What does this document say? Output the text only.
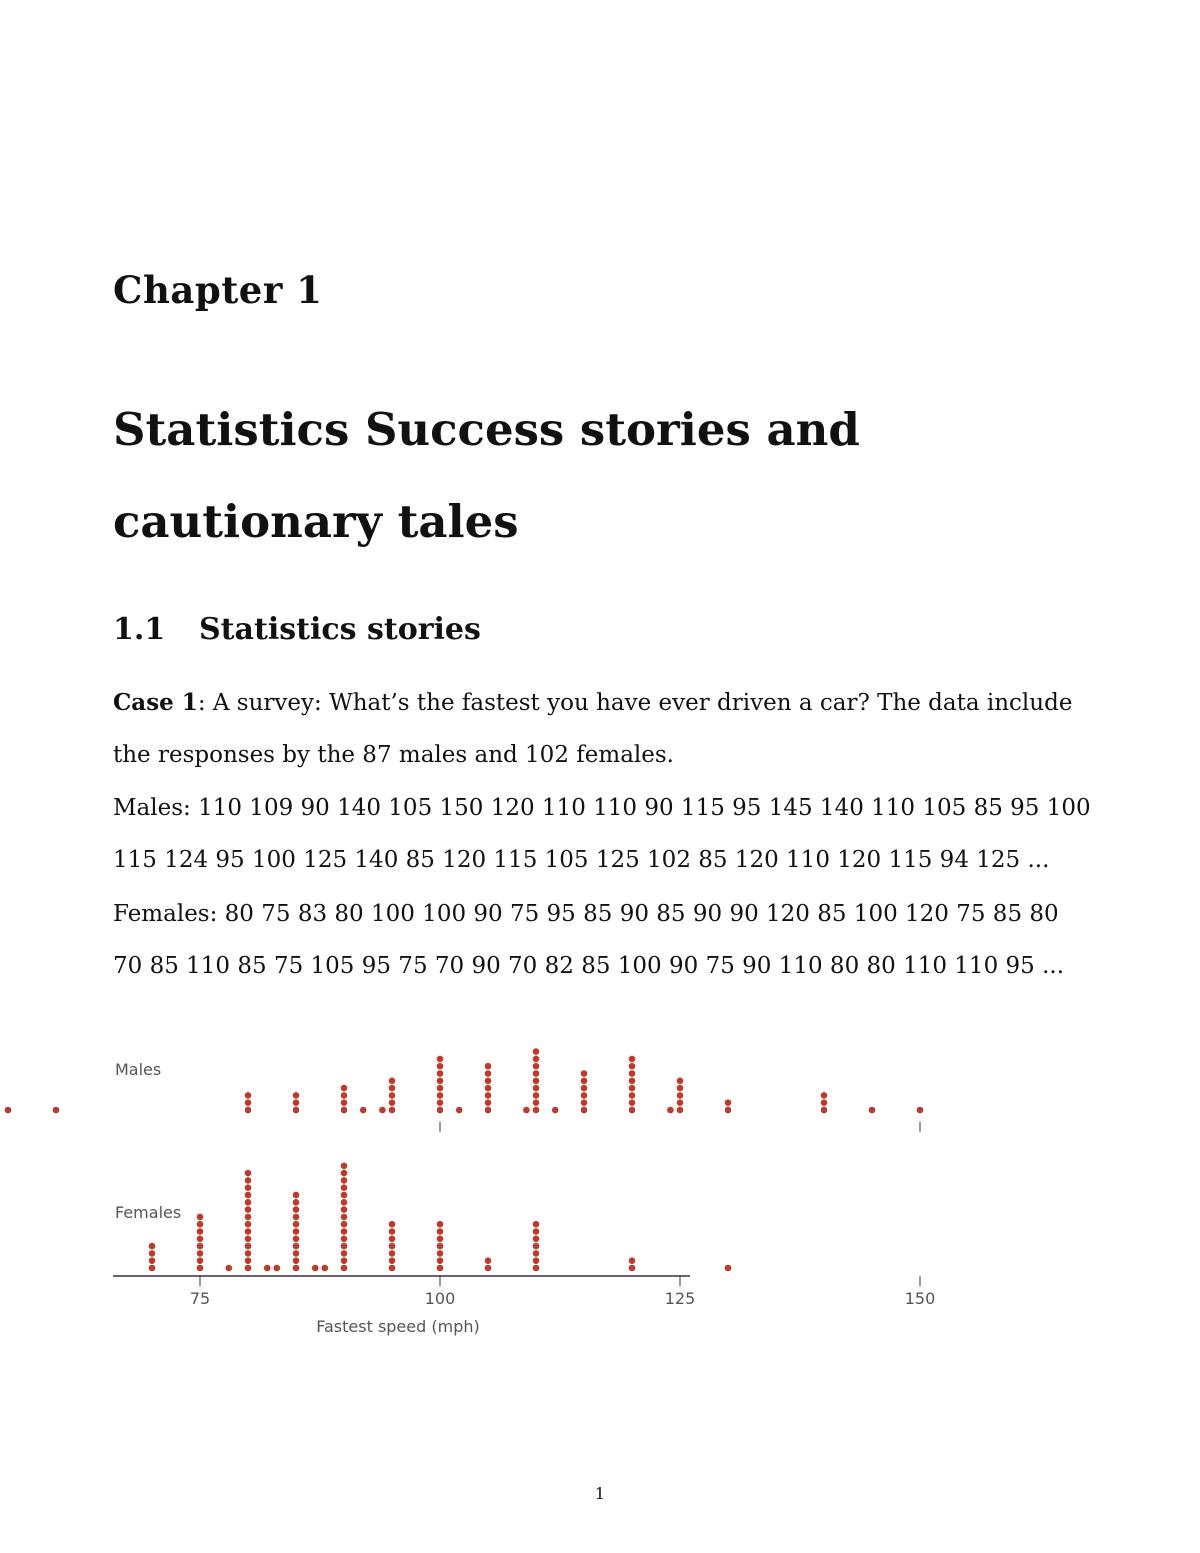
Chapter 1
Statistics Success stories and cautionary tales
1.1 Statistics stories
Case 1: A survey: What’s the fastest you have ever driven a car? The data include the responses by the 87 males and 102 females.
Males: 110 109 90 140 105 150 120 110 110 90 115 95 145 140 110 105 85 95 100 115 124 95 100 125 140 85 120 115 105 125 102 85 120 110 120 115 94 125 ...
Females: 80 75 83 80 100 100 90 75 95 85 90 85 90 90 120 85 100 120 75 85 80 70 85 110 85 75 105 95 75 70 90 70 82 85 100 90 75 90 110 80 80 110 110 95 ...
Males
Females
75	100	125	150
Fastest speed (mph)
1
